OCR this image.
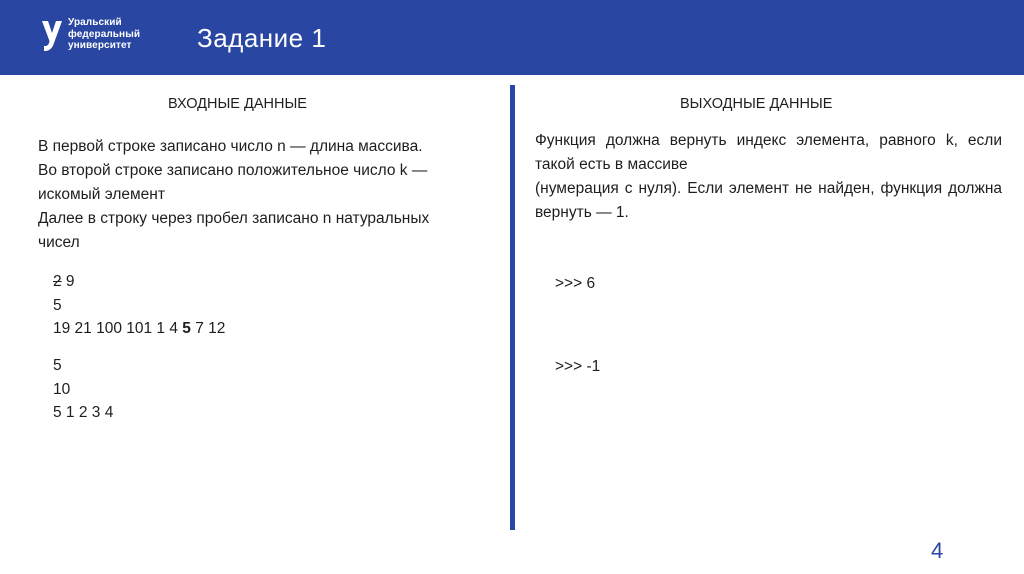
Уральский
федеральный
университет	Задание 1
ВХОДНЫЕ ДАННЫЕ	ВЫХОДНЫЕ ДАННЫЕ
В первой строке записано число n — длина массива.
Во второй строке записано положительное число k —
искомый элемент
Далее в строку через пробел записано n натуральных
чисел
2 9
5
19 21 100 101 1 4 5 7 12
5
10
5 1 2 3 4
Функция должна вернуть индекс элемента, равного k, если такой есть в массиве
(нумерация с нуля). Если элемент не найден, функция должна вернуть — 1.
>>> 6
>>> -1
4
